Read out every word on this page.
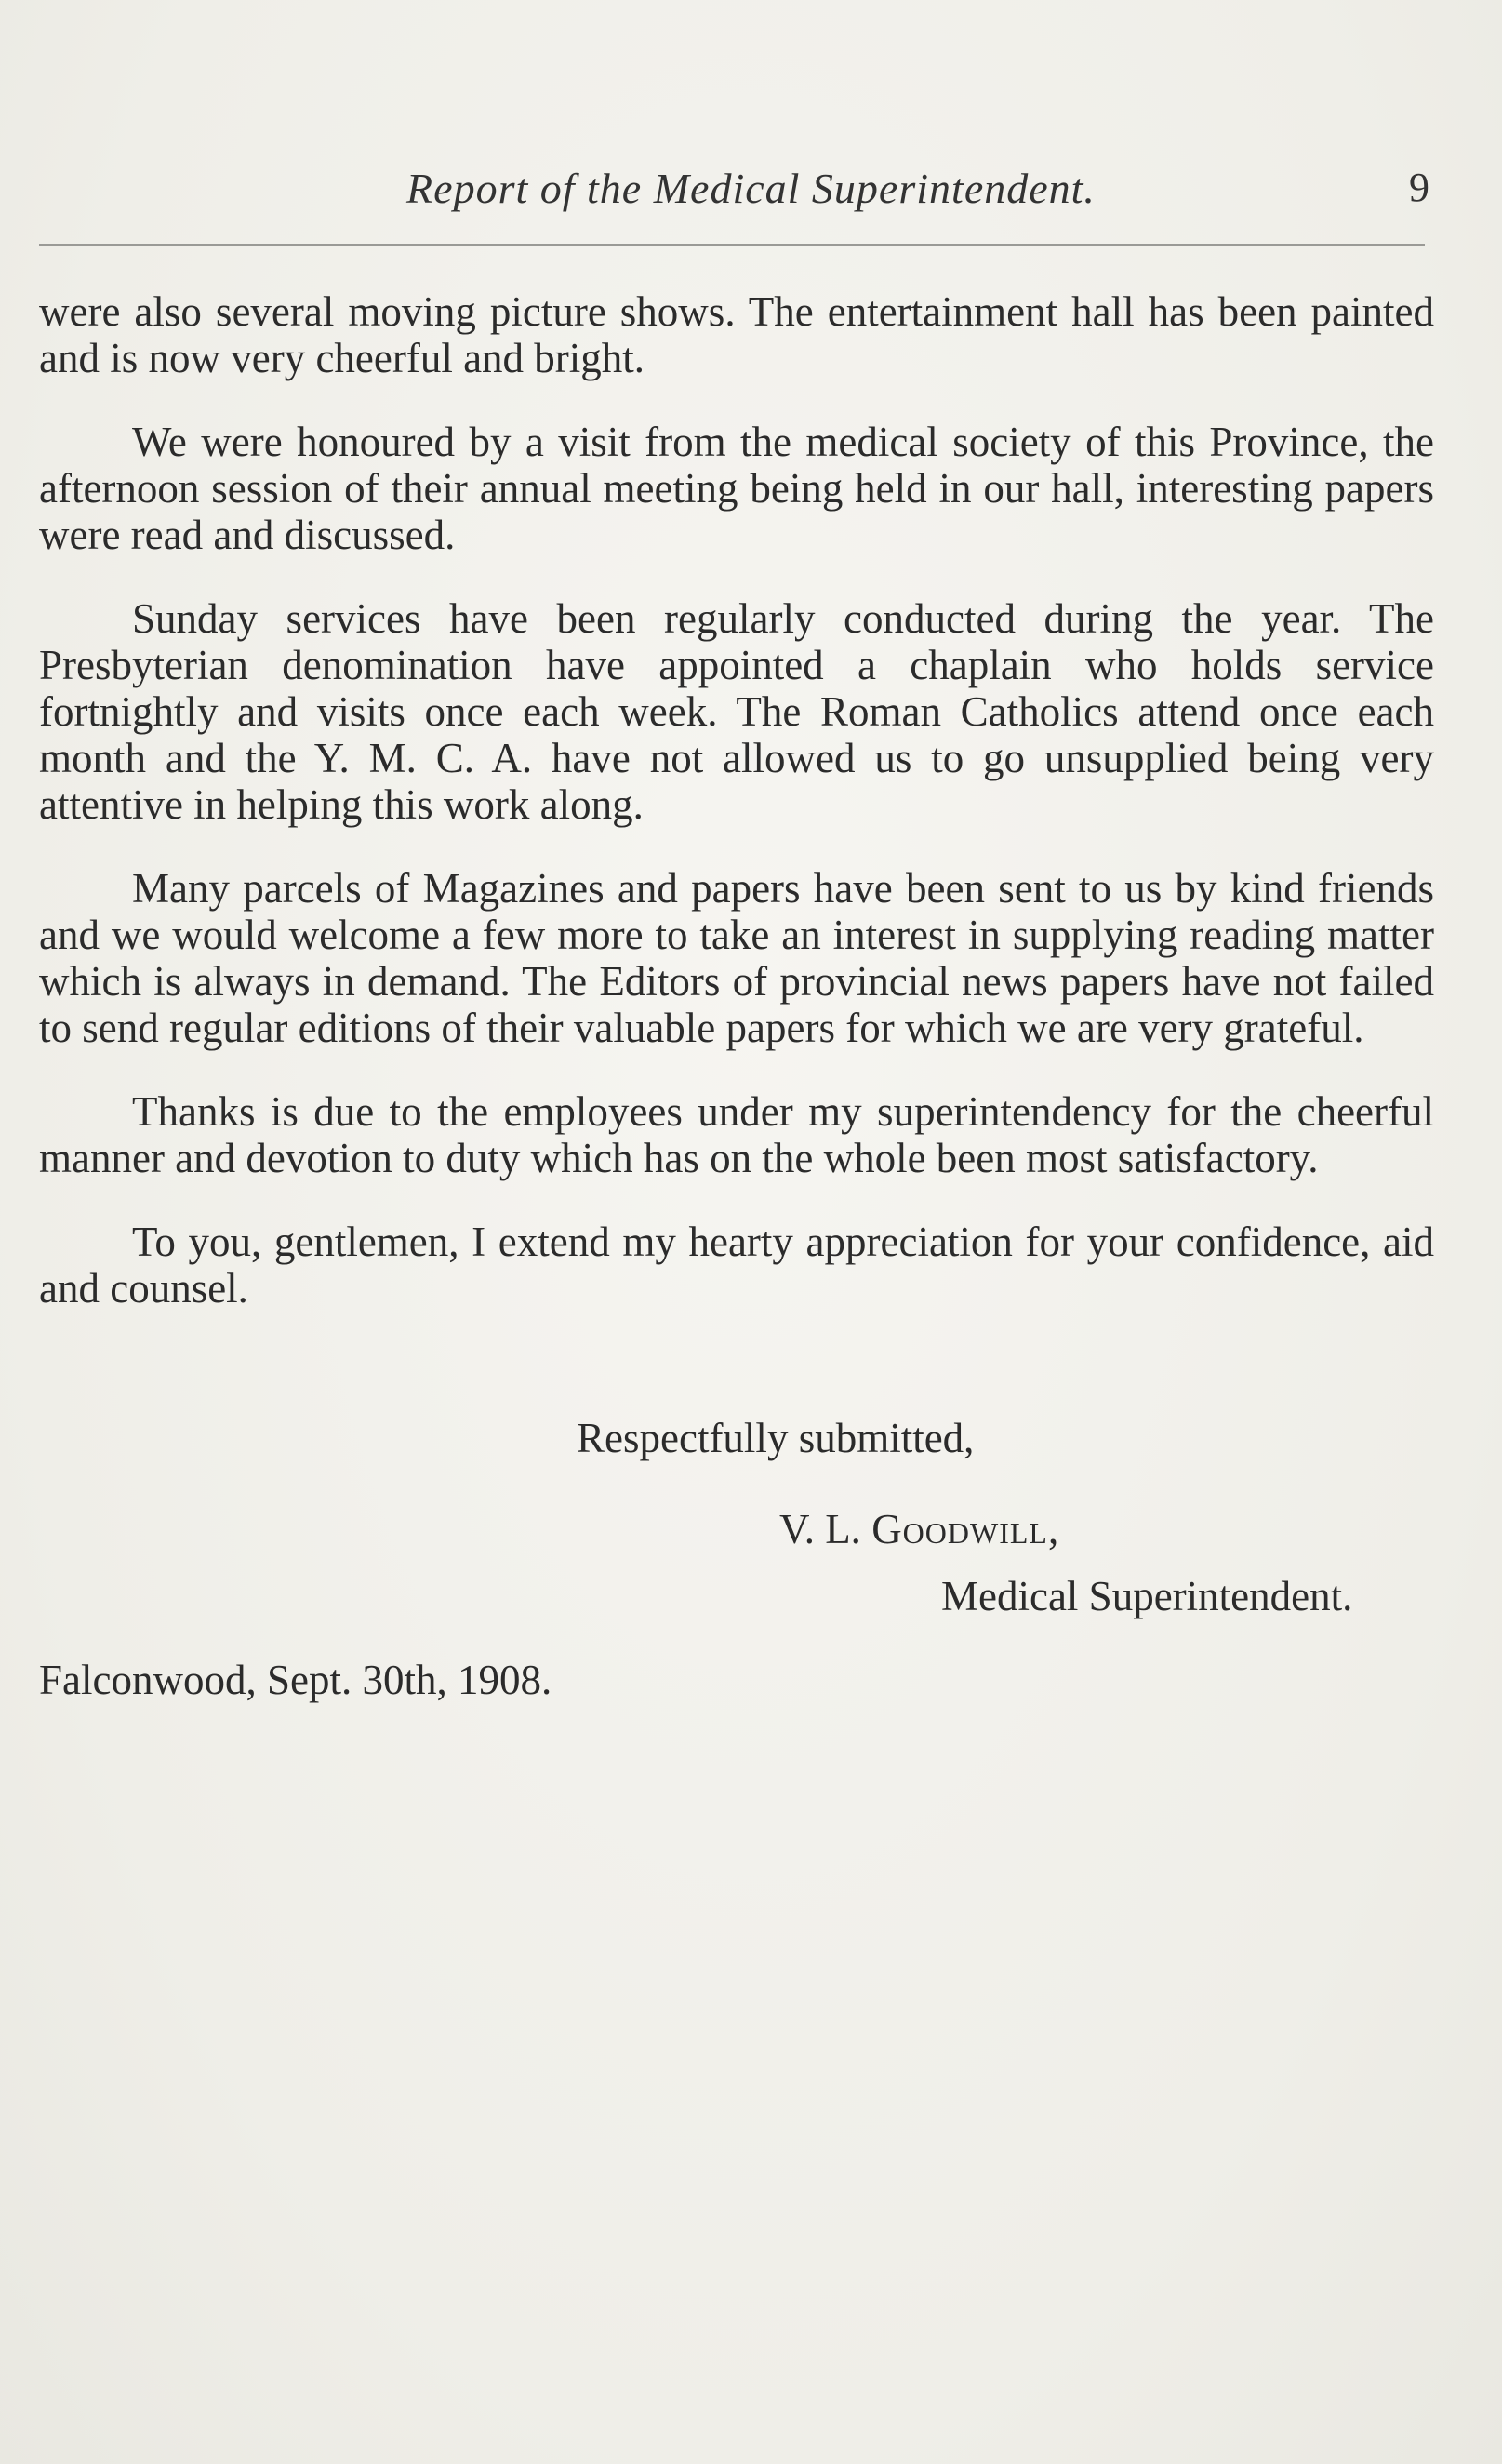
Report of the Medical Superintendent.	9

were also several moving picture shows. The entertainment hall has been painted and is now very cheerful and bright.

We were honoured by a visit from the medical society of this Province, the afternoon session of their annual meeting being held in our hall, interesting papers were read and discussed.

Sunday services have been regularly conducted during the year. The Presbyterian denomination have appointed a chaplain who holds service fortnightly and visits once each week. The Roman Catholics attend once each month and the Y. M. C. A. have not allowed us to go unsupplied being very attentive in helping this work along.

Many parcels of Magazines and papers have been sent to us by kind friends and we would welcome a few more to take an interest in supplying reading matter which is always in demand. The Editors of provincial news papers have not failed to send regular editions of their valuable papers for which we are very grateful.

Thanks is due to the employees under my superintendency for the cheerful manner and devotion to duty which has on the whole been most satisfactory.

To you, gentlemen, I extend my hearty appreciation for your confidence, aid and counsel.

Respectfully submitted,
V. L. Goodwill,
Medical Superintendent.
Falconwood, Sept. 30th, 1908.
